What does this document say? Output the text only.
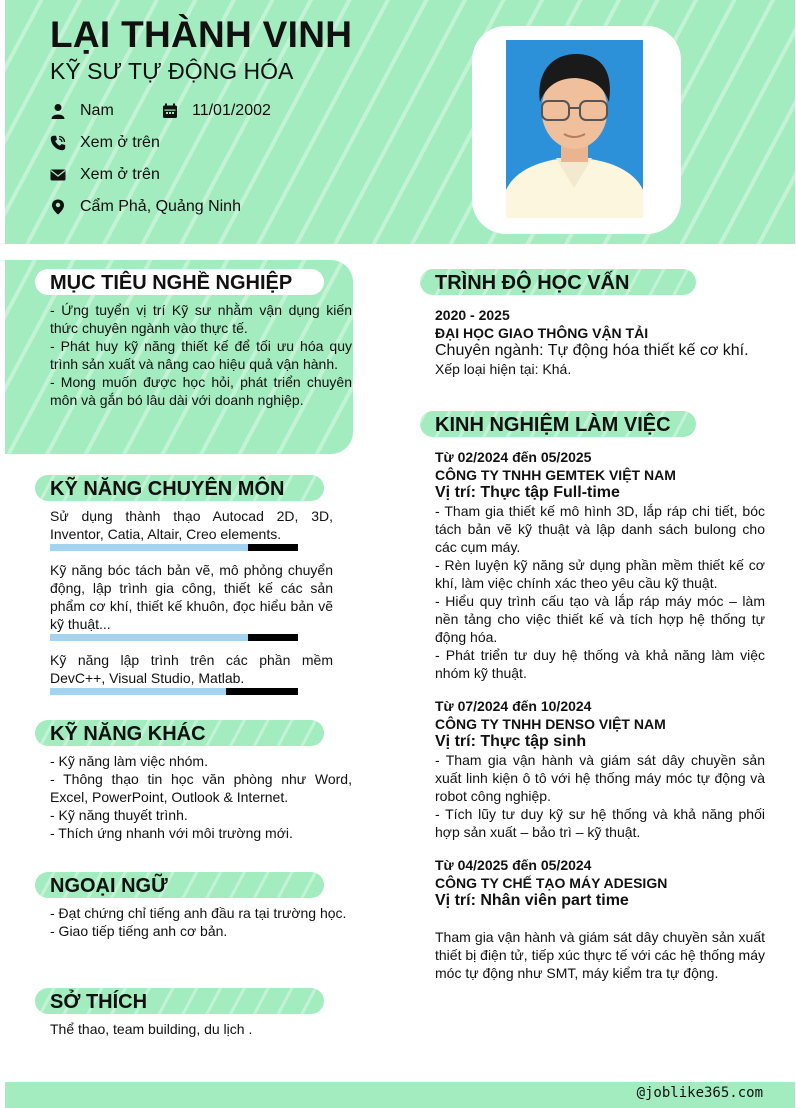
LẠI THÀNH VINH
KỸ SƯ TỰ ĐỘNG HÓA
Nam	11/01/2002
Xem ở trên
Xem ở trên
Cẩm Phả, Quảng Ninh
MỤC TIÊU NGHỀ NGHIỆP
- Ứng tuyển vị trí Kỹ sư nhằm vận dụng kiến thức chuyên ngành vào thực tế.
- Phát huy kỹ năng thiết kế để tối ưu hóa quy trình sản xuất và nâng cao hiệu quả vận hành.
- Mong muốn được học hỏi, phát triển chuyên môn và gắn bó lâu dài với doanh nghiệp.
KỸ NĂNG CHUYÊN MÔN
Sử dụng thành thạo Autocad 2D, 3D, Inventor, Catia, Altair, Creo elements.
Kỹ năng bóc tách bản vẽ, mô phỏng chuyển động, lập trình gia công, thiết kế các sản phẩm cơ khí, thiết kế khuôn, đọc hiểu bản vẽ kỹ thuật...
Kỹ năng lập trình trên các phần mềm DevC++, Visual Studio, Matlab.
KỸ NĂNG KHÁC
- Kỹ năng làm việc nhóm.
- Thông thạo tin học văn phòng như Word, Excel, PowerPoint, Outlook & Internet.
- Kỹ năng thuyết trình.
- Thích ứng nhanh với môi trường mới.
NGOẠI NGỮ
- Đạt chứng chỉ tiếng anh đầu ra tại trường học.
- Giao tiếp tiếng anh cơ bản.
SỞ THÍCH
Thể thao, team building, du lịch .
TRÌNH ĐỘ HỌC VẤN
2020 - 2025
ĐẠI HỌC GIAO THÔNG VẬN TẢI
Chuyên ngành: Tự động hóa thiết kế cơ khí.
Xếp loại hiện tại: Khá.
KINH NGHIỆM LÀM VIỆC
Từ 02/2024 đến 05/2025
CÔNG TY TNHH GEMTEK VIỆT NAM
Vị trí: Thực tập Full-time
- Tham gia thiết kế mô hình 3D, lắp ráp chi tiết, bóc tách bản vẽ kỹ thuật và lập danh sách bulong cho các cụm máy.
- Rèn luyện kỹ năng sử dụng phần mềm thiết kế cơ khí, làm việc chính xác theo yêu cầu kỹ thuật.
- Hiểu quy trình cấu tạo và lắp ráp máy móc – làm nền tảng cho việc thiết kế và tích hợp hệ thống tự động hóa.
- Phát triển tư duy hệ thống và khả năng làm việc nhóm kỹ thuật.
Từ 07/2024 đến 10/2024
CÔNG TY TNHH DENSO VIỆT NAM
Vị trí: Thực tập sinh
- Tham gia vận hành và giám sát dây chuyền sản xuất linh kiện ô tô với hệ thống máy móc tự động và robot công nghiệp.
- Tích lũy tư duy kỹ sư hệ thống và khả năng phối hợp sản xuất – bảo trì – kỹ thuật.
Từ 04/2025 đến 05/2024
CÔNG TY CHẾ TẠO MÁY ADESIGN
Vị trí: Nhân viên part time
Tham gia vận hành và giám sát dây chuyền sản xuất thiết bị điện tử, tiếp xúc thực tế với các hệ thống máy móc tự động như SMT, máy kiểm tra tự động.
@joblike365.com
